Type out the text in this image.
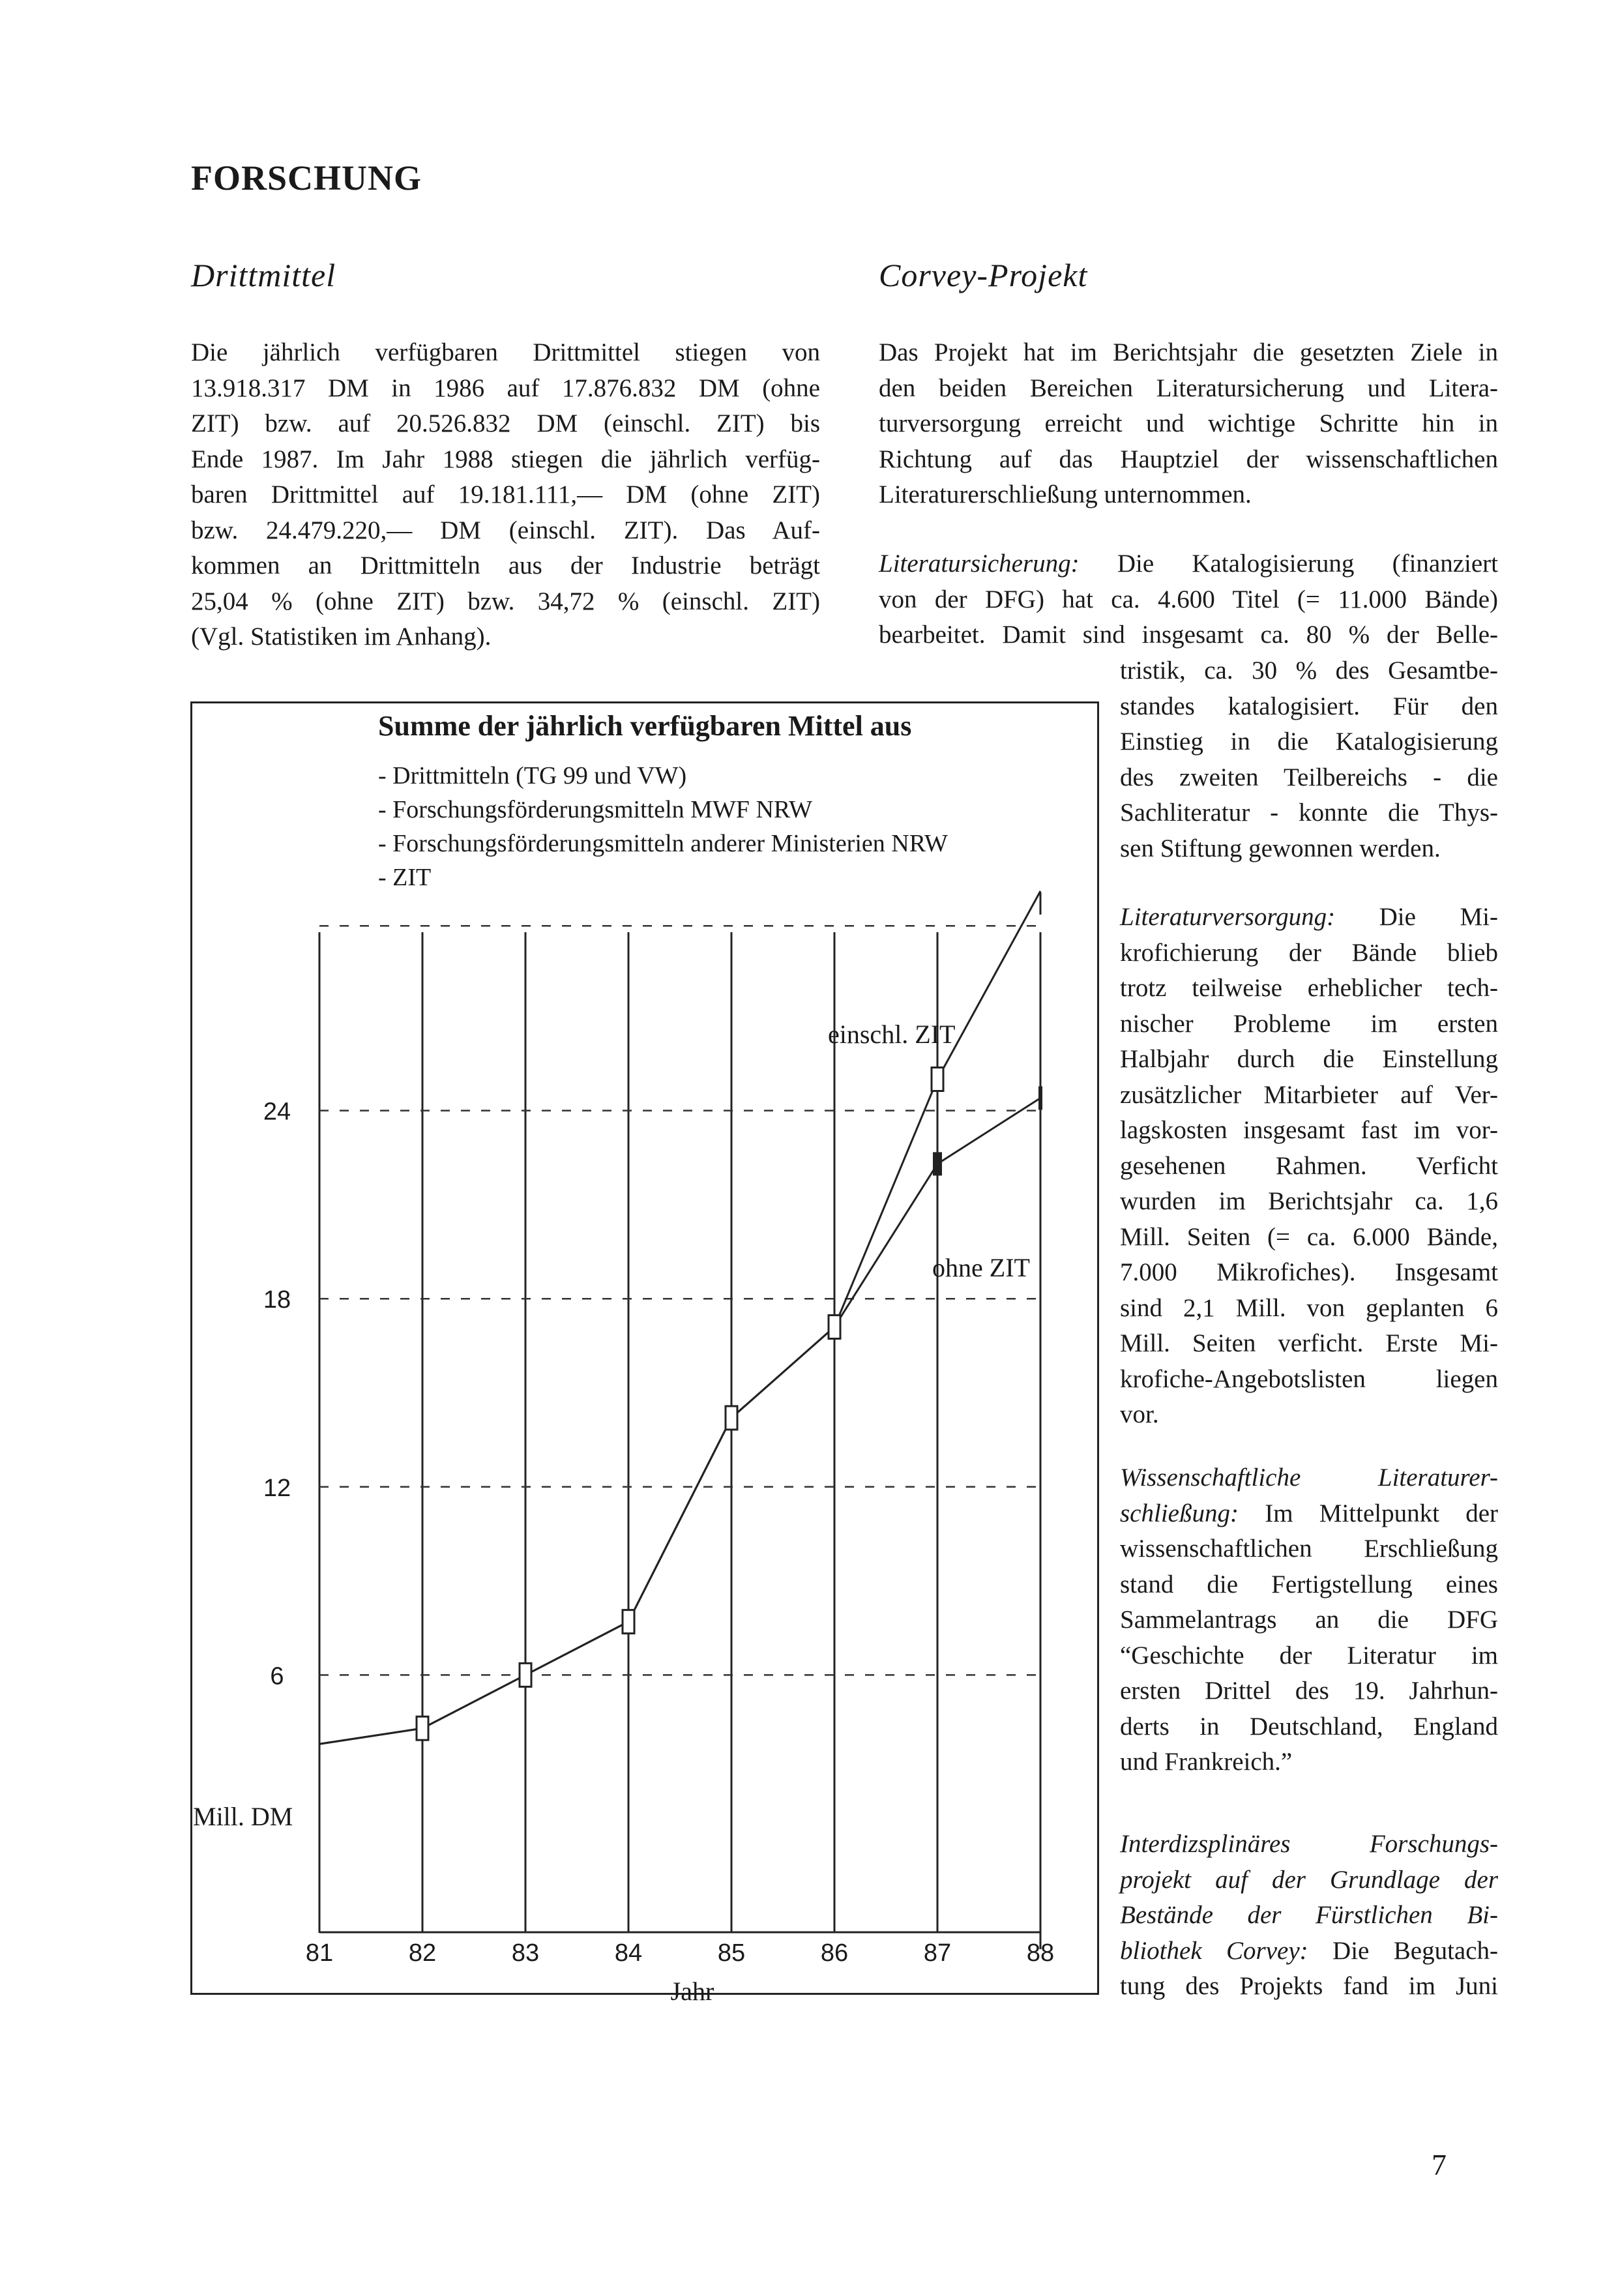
FORSCHUNG
Drittmittel
Die jährlich verfügbaren Drittmittel stiegen von
13.918.317 DM in 1986 auf 17.876.832 DM (ohne
ZIT) bzw. auf 20.526.832 DM (einschl. ZIT) bis
Ende 1987. Im Jahr 1988 stiegen die jährlich verfüg-
baren Drittmittel auf 19.181.111,— DM (ohne ZIT)
bzw. 24.479.220,— DM (einschl. ZIT). Das Auf-
kommen an Drittmitteln aus der Industrie beträgt
25,04 % (ohne ZIT) bzw. 34,72 % (einschl. ZIT)
(Vgl. Statistiken im Anhang).
Corvey-Projekt
Das Projekt hat im Berichtsjahr die gesetzten Ziele in
den beiden Bereichen Literatursicherung und Litera-
turversorgung erreicht und wichtige Schritte hin in
Richtung auf das Hauptziel der wissenschaftlichen
Literaturerschließung unternommen.
Literatursicherung: Die Katalogisierung (finanziert
von der DFG) hat ca. 4.600 Titel (= 11.000 Bände)
bearbeitet. Damit sind insgesamt ca. 80 % der Belle-
tristik, ca. 30 % des Gesamtbe-
standes katalogisiert. Für den
Einstieg in die Katalogisierung
des zweiten Teilbereichs - die
Sachliteratur - konnte die Thys-
sen Stiftung gewonnen werden.
Literaturversorgung: Die Mi-
krofichierung der Bände blieb
trotz teilweise erheblicher tech-
nischer Probleme im ersten
Halbjahr durch die Einstellung
zusätzlicher Mitarbieter auf Ver-
lagskosten insgesamt fast im vor-
gesehenen Rahmen. Verficht
wurden im Berichtsjahr ca. 1,6
Mill. Seiten (= ca. 6.000 Bände,
7.000 Mikrofiches). Insgesamt
sind 2,1 Mill. von geplanten 6
Mill. Seiten verficht. Erste Mi-
krofiche-Angebotslisten liegen
vor.
Wissenschaftliche Literaturer-
schließung: Im Mittelpunkt der
wissenschaftlichen Erschließung
stand die Fertigstellung eines
Sammelantrags an die DFG
“Geschichte der Literatur im
ersten Drittel des 19. Jahrhun-
derts in Deutschland, England
und Frankreich.”
Interdizsplinäres Forschungs-
projekt auf der Grundlage der
Bestände der Fürstlichen Bi-
bliothek Corvey: Die Begutach-
tung des Projekts fand im Juni
Summe der jährlich verfügbaren Mittel aus
- Drittmitteln (TG 99 und VW)
- Forschungsförderungsmitteln MWF NRW
- Forschungsförderungsmitteln anderer Ministerien NRW
- ZIT
81	82	83	84	85	86	87	88
6
12
18
24
Mill. DM
Jahr
einschl. ZIT
ohne ZIT
7
